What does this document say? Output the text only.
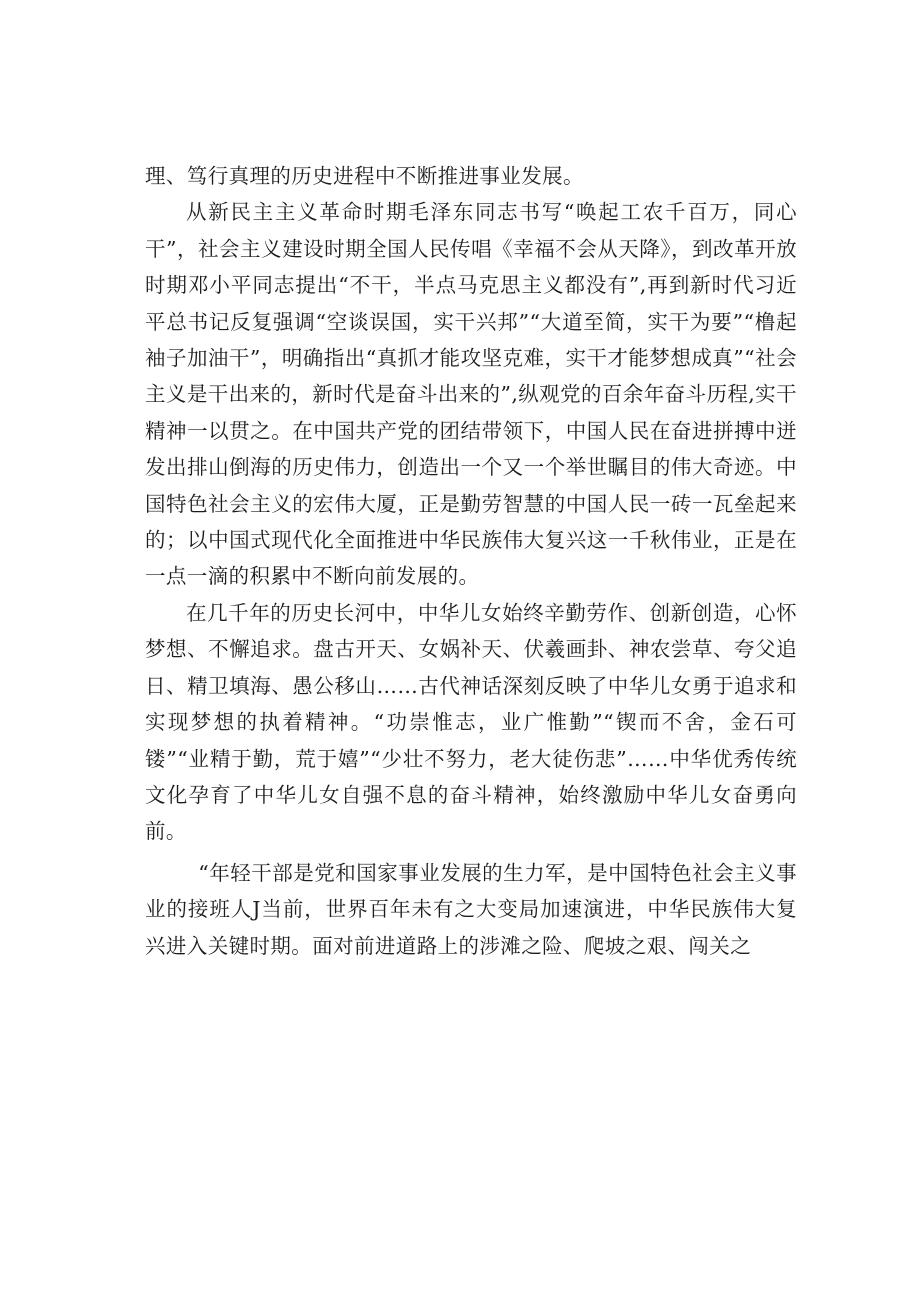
理、笃行真理的历史进程中不断推进事业发展。

从新民主主义革命时期毛泽东同志书写“唤起工农千百万，同心干”，社会主义建设时期全国人民传唱《幸福不会从天降》，到改革开放时期邓小平同志提出“不干，半点马克思主义都没有”,再到新时代习近平总书记反复强调“空谈误国，实干兴邦”“大道至简，实干为要”“橹起袖子加油干”，明确指出“真抓才能攻坚克难，实干才能梦想成真”“社会主义是干出来的，新时代是奋斗出来的”,纵观党的百余年奋斗历程,实干精神一以贯之。在中国共产党的团结带领下，中国人民在奋进拼搏中迸发出排山倒海的历史伟力，创造出一个又一个举世瞩目的伟大奇迹。中国特色社会主义的宏伟大厦，正是勤劳智慧的中国人民一砖一瓦垒起来的；以中国式现代化全面推进中华民族伟大复兴这一千秋伟业，正是在一点一滴的积累中不断向前发展的。

在几千年的历史长河中，中华儿女始终辛勤劳作、创新创造，心怀梦想、不懈追求。盘古开天、女娲补天、伏羲画卦、神农尝草、夸父追日、精卫填海、愚公移山……古代神话深刻反映了中华儿女勇于追求和实现梦想的执着精神。“功崇惟志，业广惟勤”“锲而不舍，金石可镂”“业精于勤，荒于嬉”“少壮不努力，老大徒伤悲”……中华优秀传统文化孕育了中华儿女自强不息的奋斗精神，始终激励中华儿女奋勇向前。

“年轻干部是党和国家事业发展的生力军，是中国特色社会主义事业的接班人J当前，世界百年未有之大变局加速演进，中华民族伟大复兴进入关键时期。面对前进道路上的涉滩之险、爬坡之艰、闯关之
